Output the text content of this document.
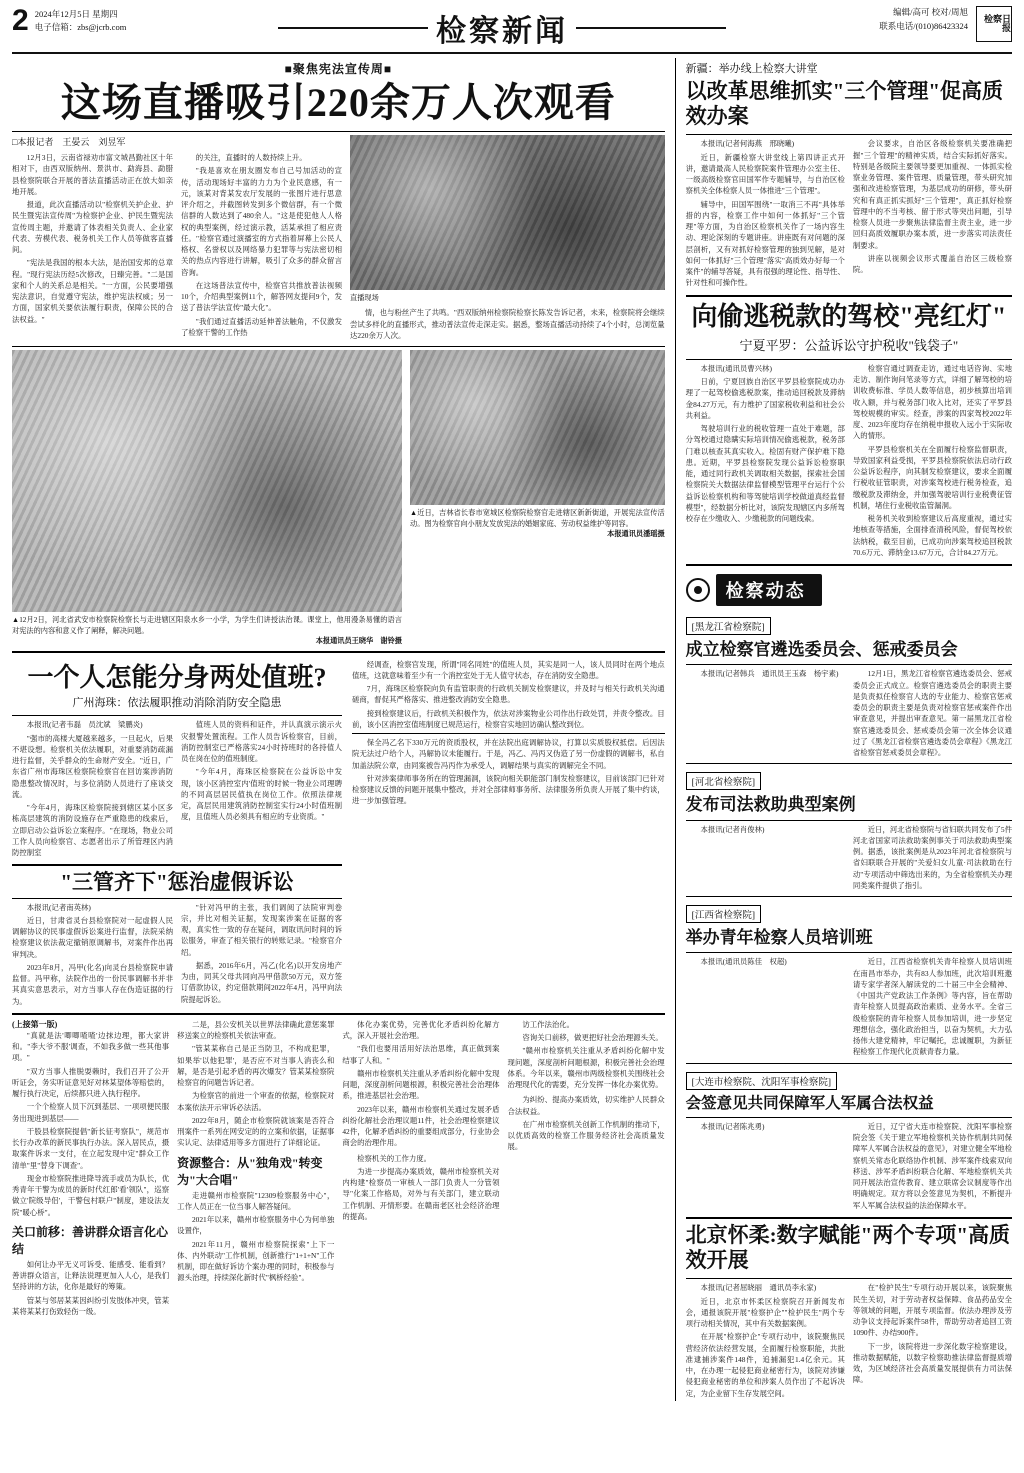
2 2024年12月5日 星期四
电子信箱：zbs@jcrb.com	检察新闻
编辑/高可 校对/周旭
联系电话/(010)86423324
检察日报
■聚焦宪法宣传周■
这场直播吸引220余万人次观看
□本报记者　王晏云　刘昱军

12月3日，云南省禄劝市富文城昌勤社区十年相对下，由西双版纳州、景洪市、勐海县、勐腊县检察院联合开展的普法直播活动正在放大如亲地开展。

报道，此次直播活动以"检察机关护企业、护民生暨宪法宣传周"为检察护企业、护民生暨宪法宣传周主题，并邀请了体表相关负责人、企业家代表、劳模代表、税务机关工作人员等做客直播间。

"宪法是我国的根本大法，是治国安邦的总章程。"现行宪法历经5次修改，日臻完善。"二是国家和个人的关系总是相关。"一方面，公民要增强宪法意识，自觉遵守宪法，维护宪法权威；另一方面，国家机关要依法履行职责，保障公民的合法权益。"

的关注，直播时的人数持续上升。

"我是喜欢在朋友圈发布自己号加活动的宣传，活动现场好丰富的力力为个业民意感，有一元，该某对背某发农厅发展的一张图片进行思意评介绍之，并截图转发到多个微信群，有一个微信群的人数达到了480余人。"这是使犯他人人格权的典型案例，经过演示教，活某承担了相应责任。"检察官通过演播室的方式指着屏幕上公民人格权、名誉权以及网络暴力犯罪等与宪法密切相关的热点内容进行讲解，吸引了众多的群众留言咨询。

在这场普法宣传中，检察官共推放普法视频10个，介绍典型案例11个，解答网友提问9个，发送了普法学法宣传"最大化"。

"我们通过直播活动延伸普法触角，不仅激发了检察干警的工作热

直播现场

情，也与粉丝产生了共鸣。"西双版纳州检察院检察长陈发告诉记者，未来，检察院将会继续尝试多样化的直播形式，推动普法宣传走深走实。据悉，整场直播活动持续了4个小时，总浏览量达220余万人次。

▲12月2日，河北省武安市检察院检察长与走进辖区阳泉水乡一小学，为学生们讲授法治课。课堂上，他用漫条易懂的语言对宪法的内容和意义作了阐释，解决问题。
本报通讯员王晓华　谢铃摄
▲近日，吉林省长春市宽城区检察院检察官走进辖区新新街道，开展宪法宣传活动。图为检察官向小朋友发放宪法的婚姻家庭、劳动权益维护等同容。
本报通讯员潘瑶摄
一个人怎能分身两处值班?
广州海珠：依法履职推动消除消防安全隐患

本报讯(记者韦磊　员沈斌　梁鹏炎)

"强市的高楼大厦越来越多，一旦起火，后果不堪设想。检察机关依法履职，对重要消防疏漏进行监督，关乎群众的生命财产安全。"近日，广东省广州市海珠区检察院检察官在回访案涉消防隐患整改情况时，与多位消防人员进行了座谈交流。

"今年4月，海珠区检察院接到辖区某小区多栋高层建筑的消防设施存在严重隐患的线索后，立即启动公益诉讼立案程序。"在现场，物业公司工作人员向检察官、志愿者出示了所管理区内消防控制室

值班人员的资料和证件，并认真演示演示火灾报警处置流程。工作人员告诉检察官，目前，消防控制室已严格落实24小时持班时的各持值人员在岗在位的值班制度。

"今年4月，海珠区检察院在公益诉讼中发现，该小区消控室内'值班'的时候一物业公司理聘的不同高层居民值执在岗位工作。依照法律规定，高层民用建筑消防控制室实行24小时值班制度，且值班人员必须具有相应的专业资质。"

"三管齐下"惩治虚假诉讼

本报讯(记者南英林)

近日，甘肃省灵台县检察院对一起虚假人民调解协议的民事虚假诉讼案进行监督，法院采纳检察建议依法裁定撤销原调解书，对案件作出再审判决。

2023年8月，冯甲(化名)向灵台县检察院申请监督。冯甲称，法院作出的一份民事调解书并非其真实意思表示，对方当事人存在伪造证据的行为。

"针对冯甲的主张，我们调阅了法院审判卷宗，并比对相关证据，发现案涉案在证据的客观，真实性一致的存在疑问，调取讯问时间的诉讼服务，审查了相关银行的转账记录。"检察官介绍。

据悉，2016年6月，冯乙(化名)以开发房地产为由，同其父母共同向冯甲借款50万元，双方签订借款协议，约定借款期间2022年4月，冯甲向法院提起诉讼。

经调查，检察官发现，所谓"同名同姓"的值班人员，其实是同一人，该人员同时在两个地点值班，这就意味着至少有一个消控室处于无人值守状态，存在消防安全隐患。

7月，海珠区检察院向负有监管职责的行政机关制发检察建议，并及时与相关行政机关沟通磋商，督促其严格落实、推进整改消防安全隐患。

接到检察建议后，行政机关积极作为，依法对涉案物业公司作出行政处罚，并责令整改。目前，该小区消控室值班制度已规范运行，检察官实地回访确认整改到位。

保全冯乙名下330万元的资质股权，并在法院出庭调解协议，打算以实质股权抵偿。后因法院无法过户给个人，冯解协议未能履行。于是，冯乙、冯丙又伪造了另一份虚假的调解书，私自加盖法院公章，由同案被告冯丙作为承受人，调解结果与真实的调解完全不同。

针对涉案律师事务所在的管理漏洞，该院向相关职能部门制发检察建议，目前该部门已针对检察建议反馈的问题开展集中整改，并对全部律师事务所、法律服务所负责人开展了集中约谈，进一步加强管理。

(上接第一版)

"真就是法'唧唧喳喳'边抹边理，都大家讲和。"李大爷不服'调查，不如我多做一些其他事项。"

"双方当事人推脱耍赖时，我们召开了公开听证会，务实听证意见好对林某望体等赔偿的，履行执行决定，后续都只进入执行程序。

一个个检察人员下沉到基层、一项项便民服务出现进到基层——

干股县检察院提倡"新长征考察队"，规范市长行办改革的新民事执行办法。深入居民点，摄取案件诉求一支付，在立起发现中定"群众工作清单"里"替身下调查"。

现金市检察院推进降导流手或员为队长，优秀青年干警为成员的新时代红郎'看'领队"，巡察做立'院级导侣'，干警包村联户"制度，建设法友院"暖心桥"。

关口前移：善讲群众语言化心结

如何让办平无义可诉受、能感受、能看到？善讲群众语言，让释法说理更加入人心，是我们坚持讲的方法，化你是最好的筹策。

管某与邻居某某因纠纷引发肢体冲突，管某某将某某打伤致轻伤一级。

二是，县公安机关以世界法律确此意惩案罪移送案立的检察机关依法审查。

"管某某称自己是正当防卫，不构成犯罪，如果举'以他犯罪'，是否应不对当事人消丧么和解，是否是引起矛盾的再次爆发？管某某检察院检察官的问题告诉记者。

为检察官的前进一个审查的依据，检察院对本案依法开示审诉必法活。

2022年8月，随企市检察院就该案是否符合刑案件一系列在网安定的的立案和依据，证据事实认定、法律适用等多方面进行了详细论证。

资源整合：从"独角戏"转变为"大合唱"

走进赣州市检察院"12309检察服务中心"，工作人员正在一位当事人解答疑问。

2021年以来，赣州市检察服务中心为何单独设置作，

2021年11月，赣州市检察院探索"上下一体、内外联动"工作机制，创新推行"1+1+N"工作机制，即在做好诉访个案办理的同时，积极参与源头治理，持续深化新时代"枫桥经验"。

体化办案优势，完善优化矛盾纠纷化解方式，深入开展社会治理。

"我们也要用活用好法治思维，真正做到案结事了人和。"

赣州市检察机关注重从矛盾纠纷化解中发现问题，深度剖析问题根源，积极完善社会治理体系，推进基层社会治理。

2023年以来，赣州市检察机关通过发展矛盾纠纷化解社会治理议题11件，社会治理检察建议42件，化解矛盾纠纷的重要组成部分，行业协会商会的治理作用。

检察机关的工作力度。

为进一步提高办案质效，赣州市检察机关对内构建"检察员一审核人一部门负责人一分管领导"化案工作格局，对外与有关部门，建立联动工作机制、开情形要。在赣南老区社会经济治理的提高。

访工作法治化。

咨询关口前移，做更把好社会治理源头关。

"赣州市检察机关注重从矛盾纠纷化解中发现问题，深度剖析问题根源，积极完善社会治理体系。今年以来，赣州市两级检察机关围绕社会治理现代化的需要，充分发挥一体化办案优势。

为纠纷、提高办案质效，切实维护人民群众合法权益。

在广州市检察机关创新工作机制的推动下，以优质高效的检察工作服务经济社会高质量发展。

新疆：举办线上检察大讲堂
以改革思维抓实"三个管理"促高质效办案

本报讯(记者何海燕　邢晓曦)

近日，新疆检察大讲堂线上第四讲正式开讲，邀请最高人民检察院案件管理办公室主任、一级高级检察官田国军作专题辅导，与自治区检察机关全体检察人员一体推进"三个管理"。

辅导中，田国军围绕"一取消三不再"具体举措的内容，检察工作中如何一体抓好"三个管理"等方面，为自治区检察机关作了一场内容生动、理论深刻的专题讲座。讲座既有对问题的深层剖析，又有对抓好检察管理的独到见解，是对如何一体抓好"三个管理"落实"高质效办好每一个案件"的辅导答疑，具有很强的理论性、指导性、针对性和可操作性。

会议要求，自治区各级检察机关要准确把握"三个管理"的精神实质，结合实际抓好落实。特别是各级院主要领导要更加重视、一体抓实检察业务管理、案件管理、质量管理，带头研究加强和改进检察管理，为基层成功的研修，带头研究和有真正抓实抓好"三个管理"，真正抓好检察管理中的不当考核、留于形式等突出问题，引导检察人员进一步聚焦法律监督主责主业，进一步回归高质效履职办案本质，进一步落实司法责任制要求。

讲座以视频会议形式覆盖自治区三级检察院。

向偷逃税款的驾校"亮红灯"
宁夏平罗：公益诉讼守护税收"钱袋子"

本报讯(通讯员曹兴林)

日前，宁夏回族自治区平罗县检察院成功办理了一起驾校偷逃税款案，推动追回税款及滞纳金84.27万元，有力维护了国家税收利益和社会公共利益。

驾驶培训行业的税收管理一直处于难题，部分驾校通过隐瞒实际培训情况偷逃税款，税务部门难以核查其真实收入。检固有财产保护难下隐患。近期，平罗县检察院发现公益诉讼检察职能，通过同行政机关调取相关数据，探索社会国检察院关大数据法律监督模型管理平台运行个公益诉讼检察机构和等驾驶培训学校做道真经监督模型"，经数据分析比对，该院发现辖区内多所驾校存在少缴收入、少缴税款的问题线索。

检察官通过调查走访，通过电话咨询、实地走访、制作询问笔录等方式，详细了解驾校的培训收费标准、学员人数等信息，初步核算出培训收入额，并与税务部门收入比对，还实了平罗县驾校规模的审实。经查，涉案的四家驾校2022年度、2023年度均存在纳税申报收入远小于实际收入的情形。

平罗县检察机关在全面履行检察监督职责，导致国家利益受损，平罗县检察院依法启动行政公益诉讼程序，向其制发检察建议，要求全面履行税收征管职责，对涉案驾校进行税务检查，追缴税款及滞纳金，并加强驾驶培训行业税费征管机制，堵住行业税收监管漏洞。

税务机关收到检察建议后高度重视，通过实地核查等措施，全面排查清税风险，督促驾校依法纳税，截至目前，已成功向涉案驾校追回税款70.6万元、滞纳金13.67万元，合计84.27万元。

检察动态
[黑龙江省检察院]
成立检察官遴选委员会、惩戒委员会

本报讯(记者韩兵　通讯员王玉森　杨宇素)	12月1日，黑龙江省检察官遴选委员会、惩戒委员会正式成立。检察官遴选委员会的职责主要是负责拟任检察官人选的专业能力、检察官惩戒委员会的职责主要是负责对检察官惩戒案件作出审查意见，并提出审查意见。第一届黑龙江省检察官遴选委员会、惩戒委员会第一次全体会议通过了《黑龙江省检察官遴选委员会章程》《黑龙江省检察官惩戒委员会章程》。

[河北省检察院]
发布司法救助典型案例

本报讯(记者肖俊林)	近日，河北省检察院与省妇联共同发布了5件河北省国家司法救助案例事关于司法救助典型案例。据悉，该批案例是从2023年河北省检察院与省妇联联合开展的"关爱妇女儿童·司法救助在行动"专项活动中筛选出来的，为全省检察机关办理同类案件提供了指引。

[江西省检察院]
举办青年检察人员培训班

本报讯(通讯员陈佳　权超)	近日，江西省检察机关青年检察人员培训班在南昌市举办，共有83人参加班，此次培训班邀请专家学者深入解读党的二十届三中全会精神、《中国共产党政法工作条例》等内容，旨在帮助青年检察人员提高政治素质、业务水平。全省三级检察院的青年检察人员参加培训，进一步坚定理想信念，强化政治担当，以奋为契机，大力弘扬伟大建党精神，牢记嘱托，忠诚履职，为新征程检察工作现代化贡献青春力量。

[大连市检察院、沈阳军事检察院]
会签意见共同保障军人军属合法权益

本报讯(记者陈兆勇)	近日，辽宁省大连市检察院、沈阳军事检察院会签《关于建立军地检察机关协作机制共同保障军人军属合法权益的意见》，对建立健全军地检察机关常态化联络协作机制、涉军案件线索双向移送、涉军矛盾纠纷联合化解、军地检察机关共同开展法治宣传教育、建立联席会议制度等作出明确规定。双方将以会签意见为契机，不断提升军人军属合法权益的法治保障水平。

北京怀柔:数字赋能"两个专项"高质效开展

本报讯(记者屈晓丽　通讯员李永家)

近日，北京市怀柔区检察院召开新闻发布会，通报该院开展"检察护企""检护民生"两个专项行动相关情况，其中有关数据案例。

在开展"检察护企"专项行动中，该院聚焦民营经济依法经营发展，全面履行检察职能，共批准逮捕涉案件148件，追捕漏犯1.4亿余元。其中，在办理一起侵犯商业秘密行为，该院对涉嫌侵犯商业秘密的单位和涉案人员作出了不起诉决定，为企业留下生存发展空间。

在"检护民生"专项行动开展以来，该院聚焦民生关切，对于劳动者权益保障、食品药品安全等领域的问题，开展专项监督。依法办理涉及劳动争议支持起诉案件58件，帮助劳动者追回工资1090件、办结900件。

下一步，该院将进一步深化数字检察建设，推动数据赋能，以数字检察助推法律监督提质增效，为区域经济社会高质量发展提供有力司法保障。
